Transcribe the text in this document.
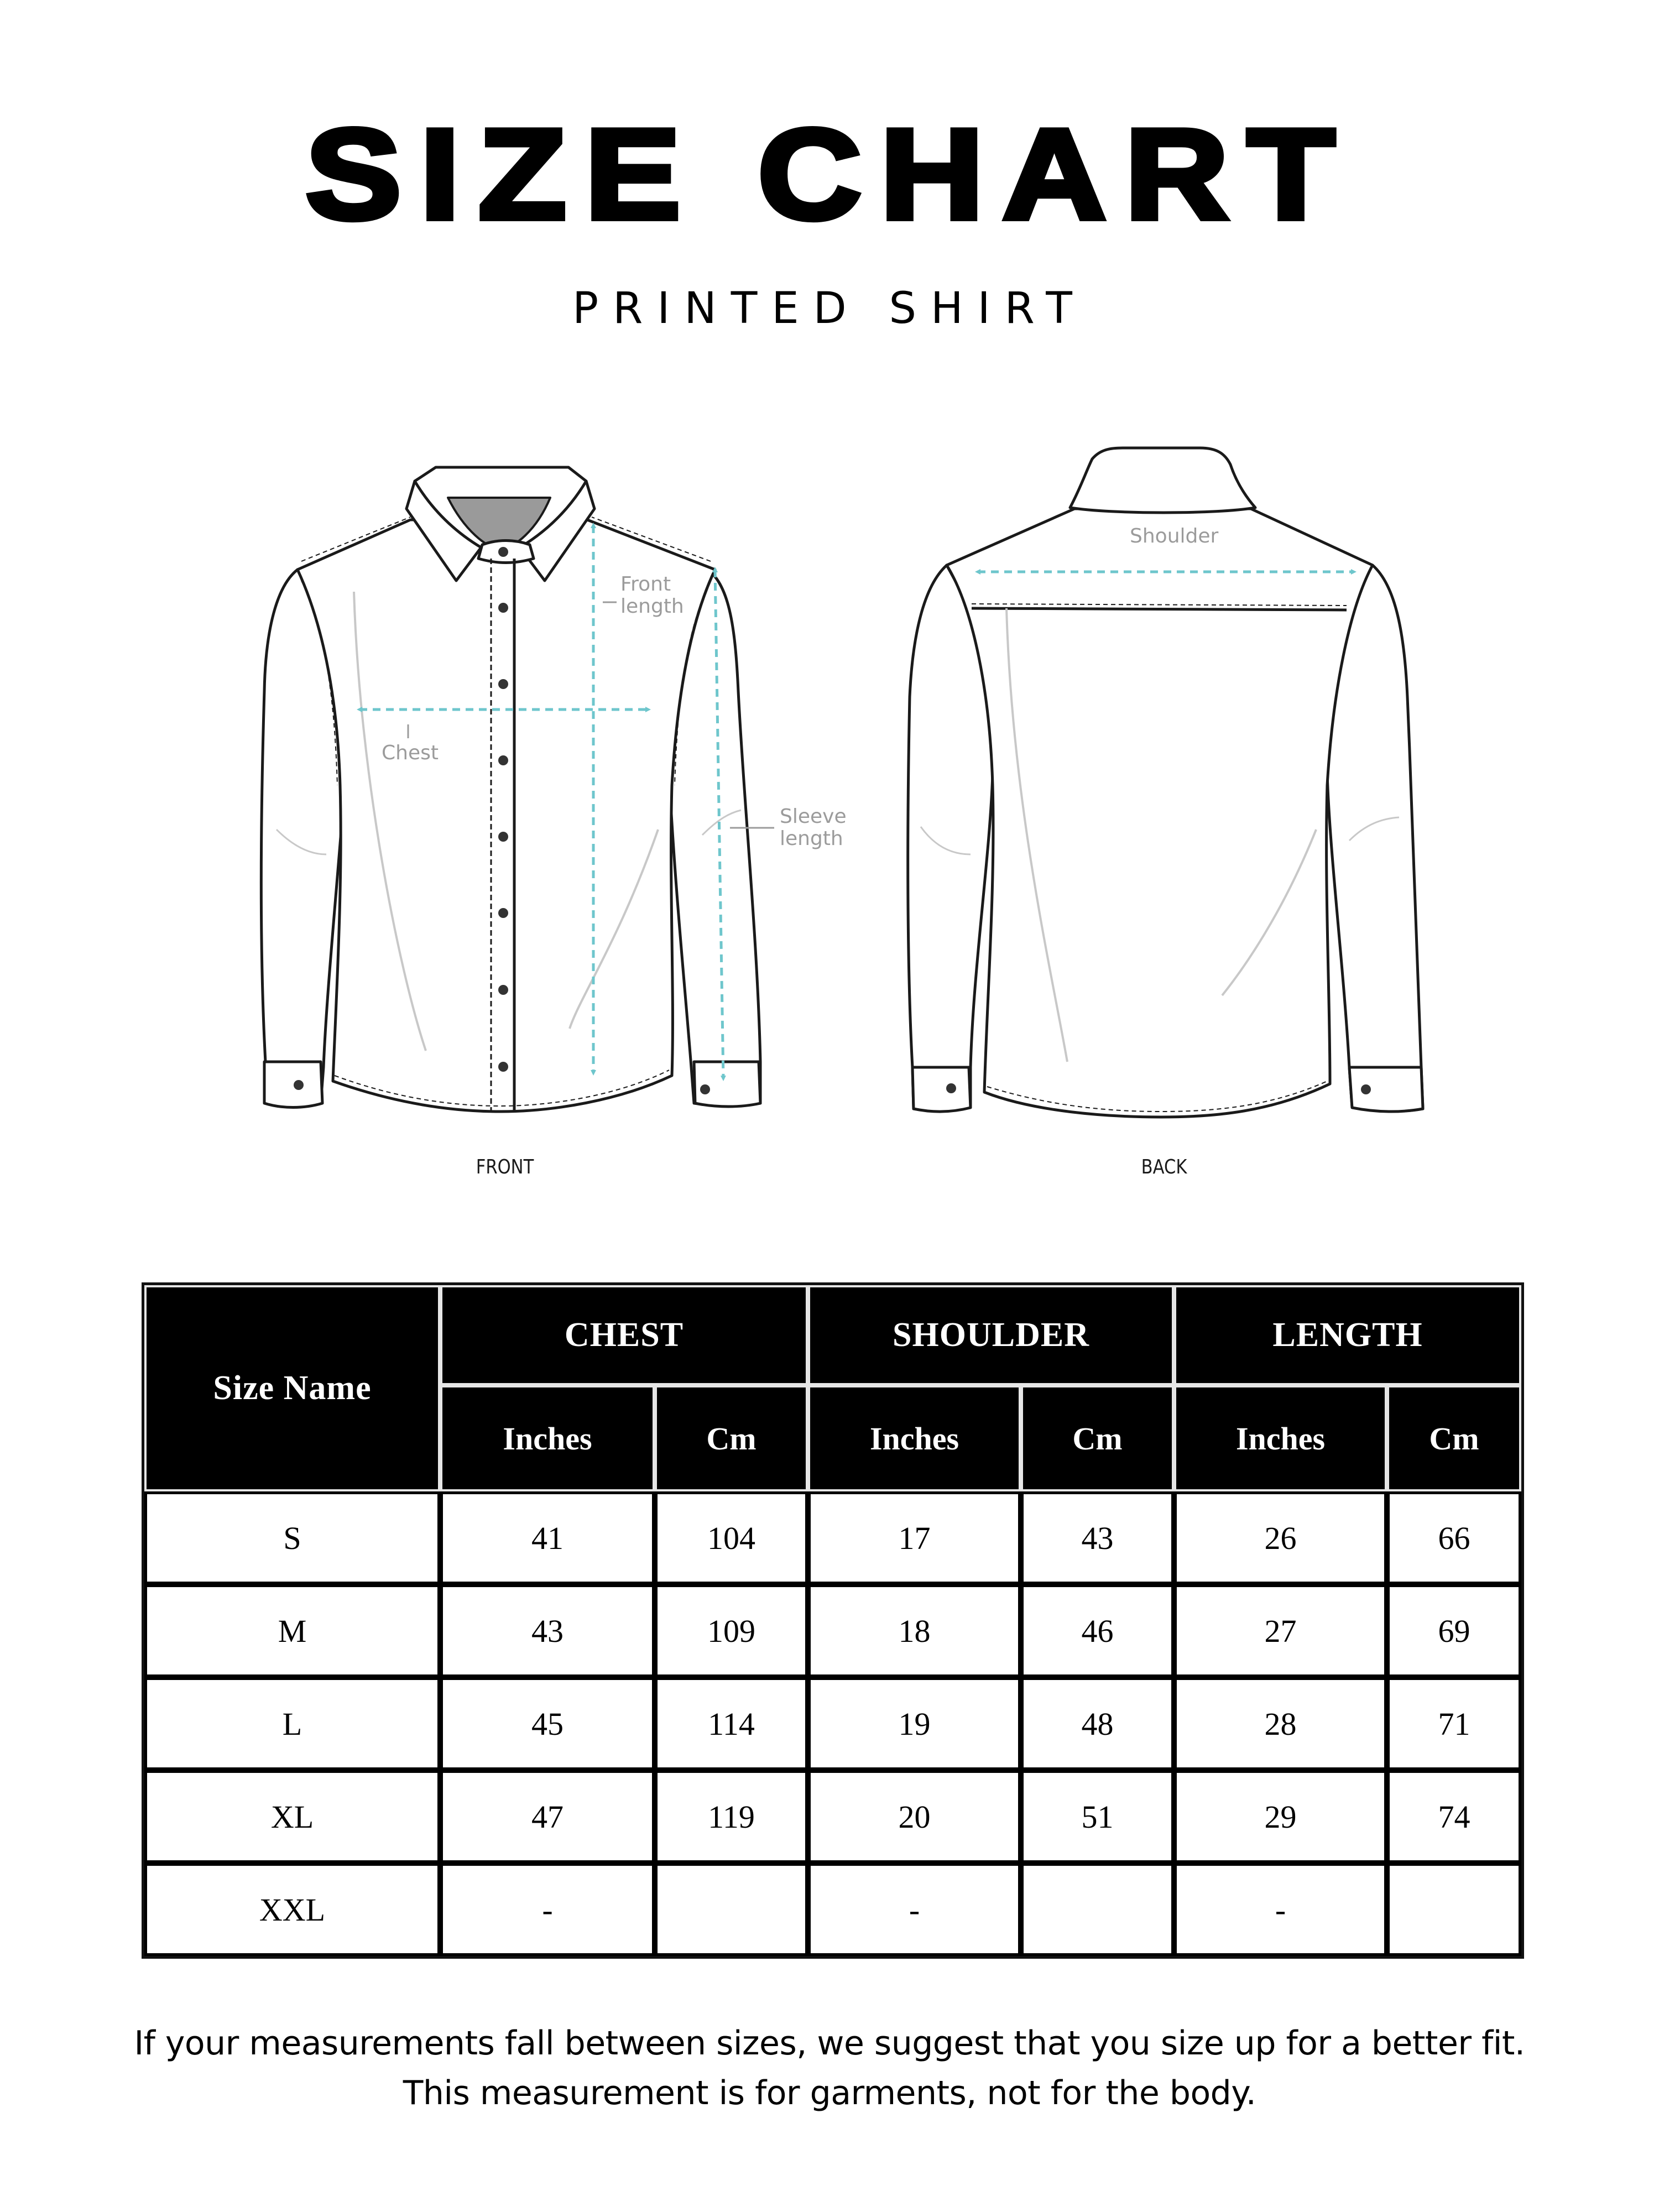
SIZE CHART
PRINTED SHIRT
Front
length
Chest
Sleeve
length
Shoulder
FRONT	BACK
Size Name	CHEST		SHOULDER		LENGTH	
	Inches	Cm	Inches	Cm	Inches	Cm
S	41	104	17	43	26	66
M	43	109	18	46	27	69
L	45	114	19	48	28	71
XL	47	119	20	51	29	74
XXL	-		-		-	
If your measurements fall between sizes, we suggest that you size up for a better fit.
This measurement is for garments, not for the body.
